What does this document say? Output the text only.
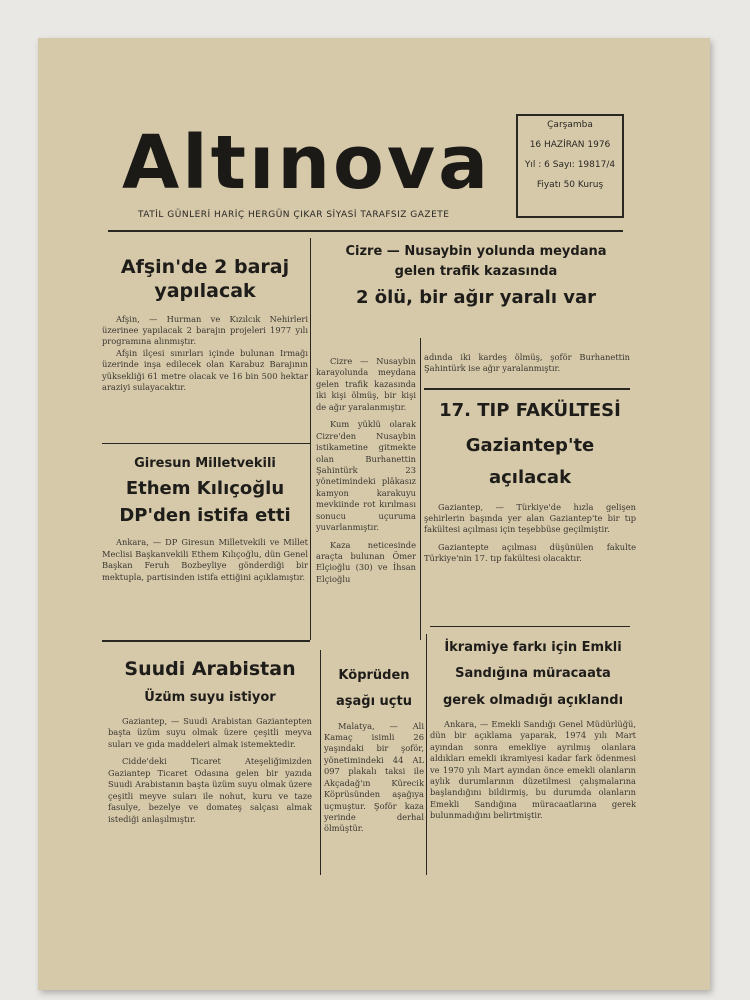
Altınova
TATİL GÜNLERİ HARİÇ HERGÜN ÇIKAR SİYASİ TARAFSIZ GAZETE
Çarşamba
16 HAZİRAN 1976
Yıl : 6 Sayı: 19817/4
Fiyatı 50 Kuruş

Afşin'de 2 baraj

yapılacak

Afşin, — Hurman ve Kızılcık Nehirleri üzerinee yapılacak 2 barajın projeleri 1977 yılı programına alınmıştır.

Afşin ilçesi sınırları içinde bulunan Irmağı üzerinde inşa edilecek olan Karabuz Barajının yüksekliği 61 metre olacak ve 16 bin 500 hektar araziyi sulayacaktır.

Giresun Milletvekili

Ethem Kılıçoğlu

DP'den istifa etti

Ankara, — DP Giresun Milletvekili ve Millet Meclisi Başkanvekili Ethem Kılıçoğlu, dün Genel Başkan Feruh Bozbeyliye gönderdiği bir mektupla, partisinden istifa ettiğini açıklamıştır.

Suudi Arabistan

Üzüm suyu istiyor

Gaziantep, — Suudi Arabistan Gaziantepten başta üzüm suyu olmak üzere çeşitli meyva suları ve gıda maddeleri almak istemektedir.

Cidde'deki Ticaret Ateşeliğimizden Gaziantep Ticaret Odasına gelen bir yazıda Suudi Arabistanın başta üzüm suyu olmak üzere çeşitli meyve suları ile nohut, kuru ve taze fasulye, bezelye ve domateş salçası almak istediği anlaşılmıştır.

Cizre — Nusaybin yolunda meydana

gelen trafik kazasında

2 ölü, bir ağır yaralı var

Cizre — Nusaybin karayolunda meydana gelen trafik kazasında iki kişi ölmüş, bir kişi de ağır yaralanmıştır.

Kum yüklü olarak Cizre'den Nusaybin istikametine gitmekte olan Burhanettin Şahintürk 23 yönetimindeki plâkasız kamyon karakuyu mevkiinde rot kırılması sonucu uçuruma yuvarlanmıştır.

Kaza neticesinde araçta bulunan Ömer Elçioğlu (30) ve İhsan Elçioğlu

adında iki kardeş ölmüş, şoför Burhanettin Şahintürk ise ağır yaralanmıştır.

17. TIP FAKÜLTESİ

Gaziantep'te

açılacak

Gaziantep, — Türkiye'de hızla gelişen şehirlerin başında yer alan Gaziantep'te bir tıp fakültesi açılması için teşebbüse geçilmiştir.

Gaziantepte açılması düşünülen fakulte Türkiye'nin 17. tıp fakültesi olacaktır.

Köprüden

aşağı uçtu

Malatya, — Ali Kamaç isimli 26 yaşındaki bir şoför, yönetimindeki 44 AL 097 plakalı taksi ile Akçadağ'ın Kürecik Köprüsünden aşağıya uçmuştur. Şoför kaza yerinde derhal ölmüştür.

İkramiye farkı için Emkli

Sandığına müracaata

gerek olmadığı açıklandı

Ankara, — Emekli Sandığı Genel Müdürlüğü, dün bir açıklama yaparak, 1974 yılı Mart ayından sonra emekliye ayrılmış olanlara aldıkları emekli ikramiyesi kadar fark ödenmesi ve 1970 yılı Mart ayından önce emekli olanların aylık durumlarının düzetilmesi çalışmalarına başlandığını bildirmiş, bu durumda olanların Emekli Sandığına müracaatlarına gerek bulunmadığını belirtmiştir.
